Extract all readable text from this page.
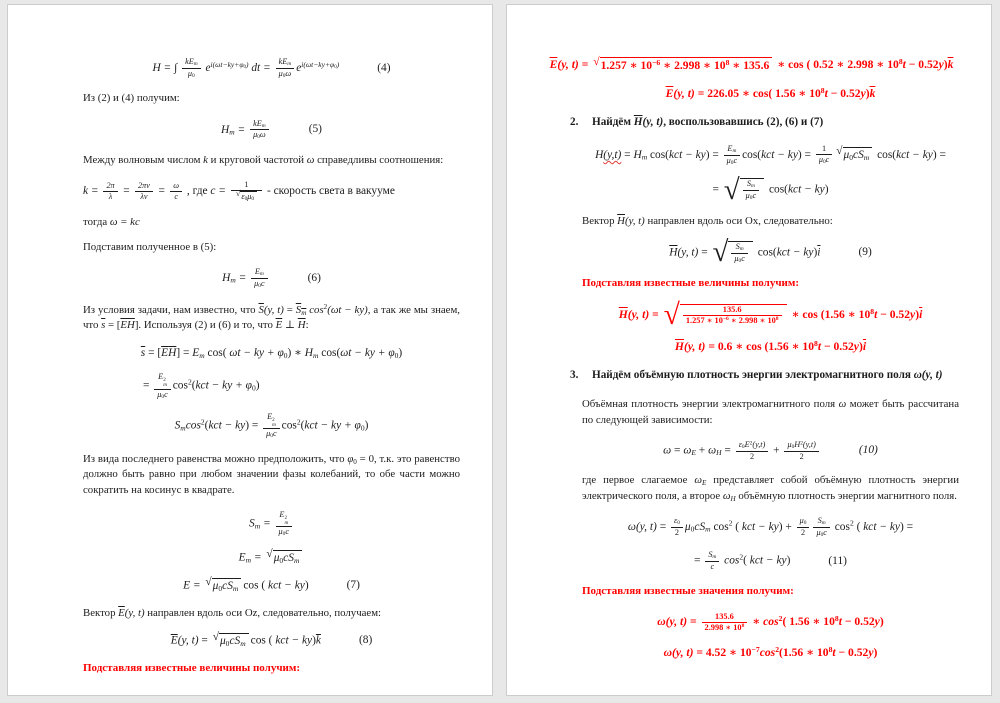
H = ∫ $\frac{\text{kEm}}{\mu 0} e^{i(\omega t-ky+\varphi 0)}$ dt = $\frac{\text{kEm}}{\mu 0\omega} e^{i(\omega t-ky+\varphi 0)}$	(4)
Из (2) и (4) получим:
$Hm = \frac{\text{kEm}}{\mu 0\omega}$	(5)
Между волновым числом k и круговой частотой ω справедливы соотношения:
$k = \frac{2\pi}{\lambda} = \frac{2\pi\nu}{\lambda\nu} = \frac{\omega}{c}$ , где $c = \frac{1}{√ \varepsilon 0\mu 0}$ - скорость света в вакууме
тогда ω = kc
Подставим полученное в (5):
$Hm = \frac{Em}{\mu 0c}$	(6)
Из условия задачи, нам известно, что $\overline{S}(y$, t) = Sm $\cos^2(\omega t - ky)$, а так же мы знаем, что $\overline{s} = [\overline{E}\overline{H}]$. Используя (2) и (6) и то, что $\overline{E}$ ⊥ $\overline{H}$:
$\overline{s} = [\overline{E}\overline{H}] = Em$ cos( ωt − ky + φ0) ∗ Hm cos(ωt − ky + φ0)
= E 2
m
μ0c $\cos^2(kct$ − ky + φ0)
Smcos$^2$(kct − ky) = E 2
m
μ0c $\cos^2(kct$ − ky + φ0)
Из вида последнего равенства можно предположить, что φ0 = 0, т.к. это равенство должно быть равно при любом значении фазы колебаний, то обе части можно сократить на косинус в квадрате.
Sm = E 2
m
μ0c
Em = √ μ0cSm
E = √ μ0cSm cos ( kct − ky)	(7)
Вектор $\overline{E}(y$, t) направлен вдоль оси Oz, следовательно, получаем:
$\overline{E}(y$, t) = √ μ0cSm cos ( kct − $ky)\overline{k}$	(8)
Подставляя известные величины получим:
$\overline{E}(y$, t) = √ 1.257 ∗ $10^{-6}$ ∗ 2.998 ∗ $10^8$ ∗ 135.6 ∗ cos ( 0.52 ∗ 2.998 ∗ $10^8t - 0.52y)\overline{k}$
$\overline{E}(y$, t) = 226.05 ∗ cos( 1.56 ∗ $10^8t - 0.52y)\overline{k}$
2.	Найдём $\overline{H}(y$, t), воспользовавшись (2), (6) и (7)
H(y,t) = Hm $\cos(kct - ky) = \frac{Em}{\mu 0c} \cos(kct - ky) = \frac{1}{\mu 0c}$ √ μ0cSm cos(kct − ky) =
= √ $\frac{Sm}{\mu 0c} \cos(kct - ky)$
Вектор $\overline{H}(y$, t) направлен вдоль оси Ox, следовательно:
$\overline{H}(y$, t) = √ $\frac{Sm}{\mu 0c} \cos(kct - ky)\overline{i}$	(9)
Подставляя известные величины получим:
$\overline{H}(y$, t) = √ $\frac{135.6}{1.257 ∗ 10^{-6} ∗ 2.998 ∗ 10^8}$ ∗ cos (1.56 ∗ $10^8t - 0.52y)\overline{i}$
$\overline{H}(y$, t) = 0.6 ∗ cos (1.56 ∗ $10^8t - 0.52y)\overline{i}$
3.	Найдём объёмную плотность энергии электромагнитного поля ω(y, t)
Объёмная плотность энергии электромагнитного поля ω может быть рассчитана по следующей зависимости:
$\omega = \omega E + \omega H = \frac{\varepsilon 0E^2(y,t)}{2} + \frac{\mu 0H^2(y,t)}{2}$	(10)
где первое слагаемое ωE представляет собой объёмную плотность энергии электрического поля, а второе ωH объёмную плотность энергии магнитного поля.
ω(y, $t) = \frac{\varepsilon 0}{2} \mu 0cSm$ $\cos^2$ ( kct − $ky) + \frac{\mu 0}{2} \frac{Sm}{\mu 0c} \cos^2$ ( kct − ky) =
= $\frac{Sm}{c} \cos^2$( kct − ky)	(11)
Подставляя известные значения получим:
ω(y, $t) = \frac{135.6}{2.998 ∗ 10^8}$ ∗ $\cos^2$( 1.56 ∗ $10^8t - 0.52y$)
ω(y, t) = 4.52 ∗ $10^{-7}\cos^2(1.56$ ∗ $10^8t - 0.52y$)
